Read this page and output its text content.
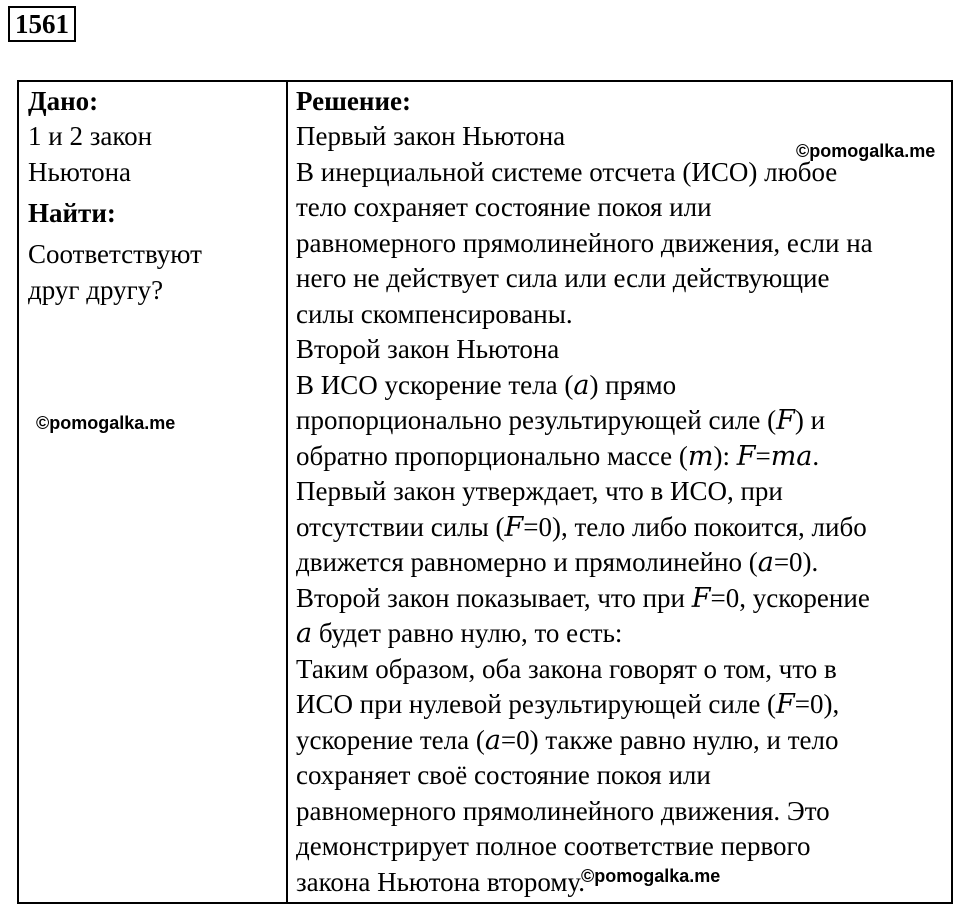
1561
Дано:
1 и 2 закон
Ньютона
Найти:
Соответствуют
друг другу?

Решение:
Первый закон Ньютона
В инерциальной системе отсчета (ИСО) любое
тело сохраняет состояние покоя или
равномерного прямолинейного движения, если на
него не действует сила или если действующие
силы скомпенсированы.
Второй закон Ньютона
В ИСО ускорение тела (𝑎) прямо
пропорционально результирующей силе (𝐹) и
обратно пропорционально массе (𝑚): 𝐹=𝑚𝑎.
Первый закон утверждает, что в ИСО, при
отсутствии силы (𝐹=0), тело либо покоится, либо
движется равномерно и прямолинейно (𝑎=0).
Второй закон показывает, что при 𝐹=0, ускорение
𝑎 будет равно нулю, то есть:
Таким образом, оба закона говорят о том, что в
ИСО при нулевой результирующей силе (𝐹=0),
ускорение тела (𝑎=0) также равно нулю, и тело
сохраняет своё состояние покоя или
равномерного прямолинейного движения. Это
демонстрирует полное соответствие первого
закона Ньютона второму.
©pomogalka.me
©pomogalka.me
©pomogalka.me
